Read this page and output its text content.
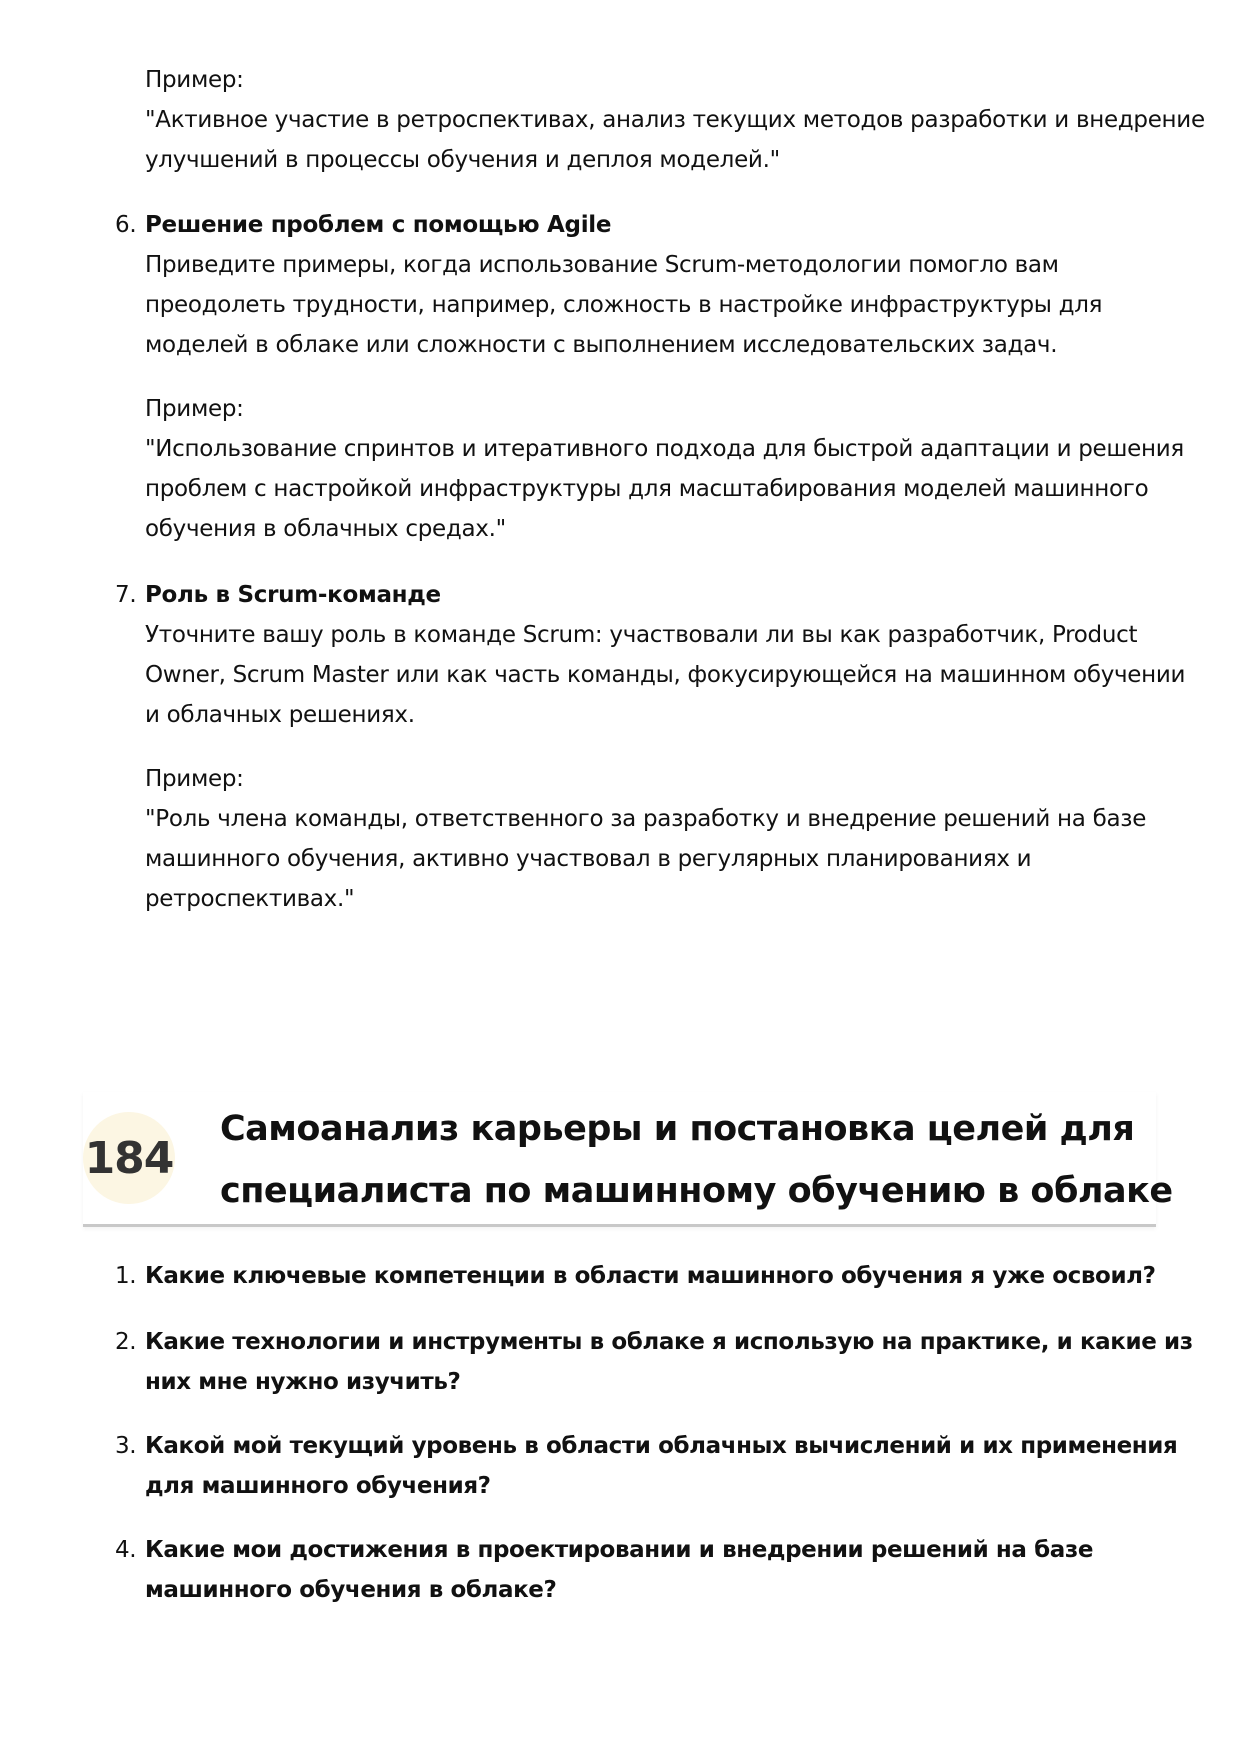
Пример:
"Активное участие в ретроспективах, анализ текущих методов разработки и внедрение
улучшений в процессы обучения и деплоя моделей."
6. Решение проблем с помощью Agile
Приведите примеры, когда использование Scrum-методологии помогло вам
преодолеть трудности, например, сложность в настройке инфраструктуры для
моделей в облаке или сложности с выполнением исследовательских задач.
Пример:
"Использование спринтов и итеративного подхода для быстрой адаптации и решения
проблем с настройкой инфраструктуры для масштабирования моделей машинного
обучения в облачных средах."
7. Роль в Scrum-команде
Уточните вашу роль в команде Scrum: участвовали ли вы как разработчик, Product
Owner, Scrum Master или как часть команды, фокусирующейся на машинном обучении
и облачных решениях.
Пример:
"Роль члена команды, ответственного за разработку и внедрение решений на базе
машинного обучения, активно участвовал в регулярных планированиях и
ретроспективах."
184
Самоанализ карьеры и постановка целей для
специалиста по машинному обучению в облаке
1. Какие ключевые компетенции в области машинного обучения я уже освоил?
2. Какие технологии и инструменты в облаке я использую на практике, и какие из
них мне нужно изучить?
3. Какой мой текущий уровень в области облачных вычислений и их применения
для машинного обучения?
4. Какие мои достижения в проектировании и внедрении решений на базе
машинного обучения в облаке?
